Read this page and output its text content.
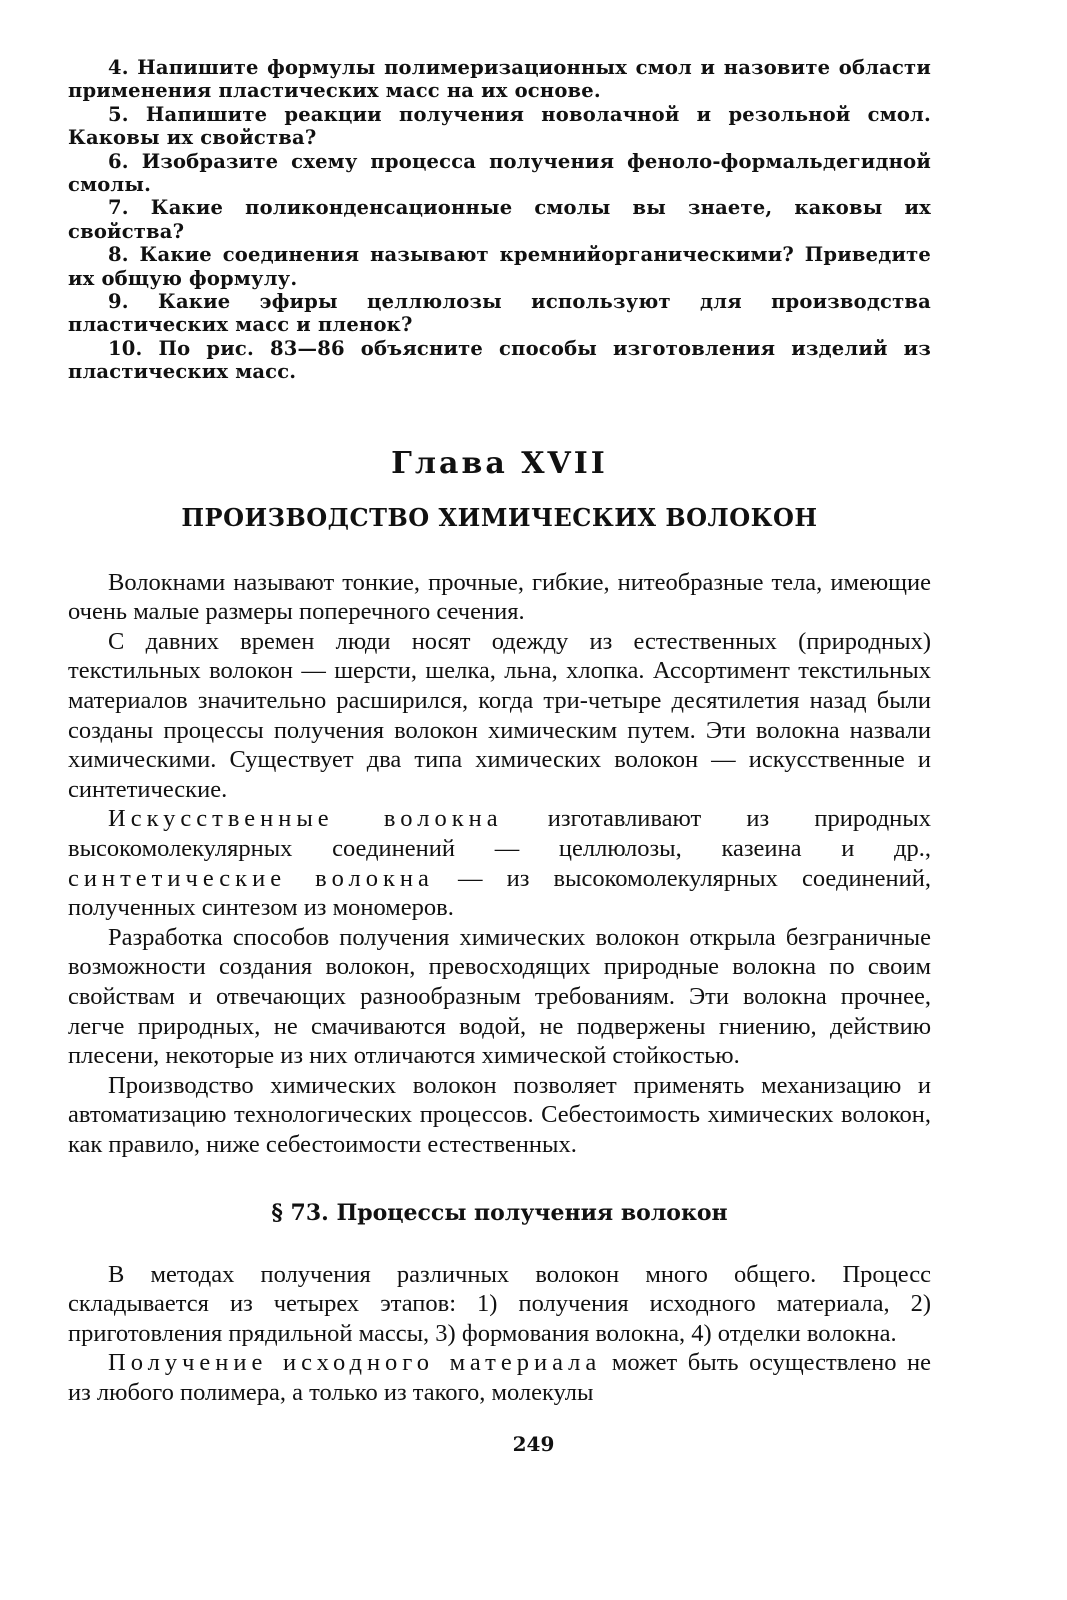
4. Напишите формулы полимеризационных смол и назовите области применения пластических масс на их основе.

5. Напишите реакции получения новолачной и резольной смол. Каковы их свойства?

6. Изобразите схему процесса получения феноло-формальдегидной смолы.

7. Какие поликонденсационные смолы вы знаете, каковы их свойства?

8. Какие соединения называют кремнийорганическими? Приведите их общую формулу.

9. Какие эфиры целлюлозы используют для производства пластических масс и пленок?

10. По рис. 83—86 объясните способы изготовления изделий из пластических масс.

Глава XVII
ПРОИЗВОДСТВО ХИМИЧЕСКИХ ВОЛОКОН

Волокнами называют тонкие, прочные, гибкие, нитеобразные тела, имеющие очень малые размеры поперечного сечения.

С давних времен люди носят одежду из естественных (природных) текстильных волокон — шерсти, шелка, льна, хлопка. Ассортимент текстильных материалов значительно расширился, когда три-четыре десятилетия назад были созданы процессы получения волокон химическим путем. Эти волокна назвали химическими. Существует два типа химических волокон — искусственные и синтетические.

Искусственные волокна изготавливают из природных высокомолекулярных соединений — целлюлозы, казеина и др., синтетические волокна — из высокомолекулярных соединений, полученных синтезом из мономеров.

Разработка способов получения химических волокон открыла безграничные возможности создания волокон, превосходящих природные волокна по своим свойствам и отвечающих разнообразным требованиям. Эти волокна прочнее, легче природных, не смачиваются водой, не подвержены гниению, действию плесени, некоторые из них отличаются химической стойкостью.

Производство химических волокон позволяет применять механизацию и автоматизацию технологических процессов. Себестоимость химических волокон, как правило, ниже себестоимости естественных.

§ 73. Процессы получения волокон

В методах получения различных волокон много общего. Процесс складывается из четырех этапов: 1) получения исходного материала, 2) приготовления прядильной массы, 3) формования волокна, 4) отделки волокна.

Получение исходного материала может быть осуществлено не из любого полимера, а только из такого, молекулы

249
